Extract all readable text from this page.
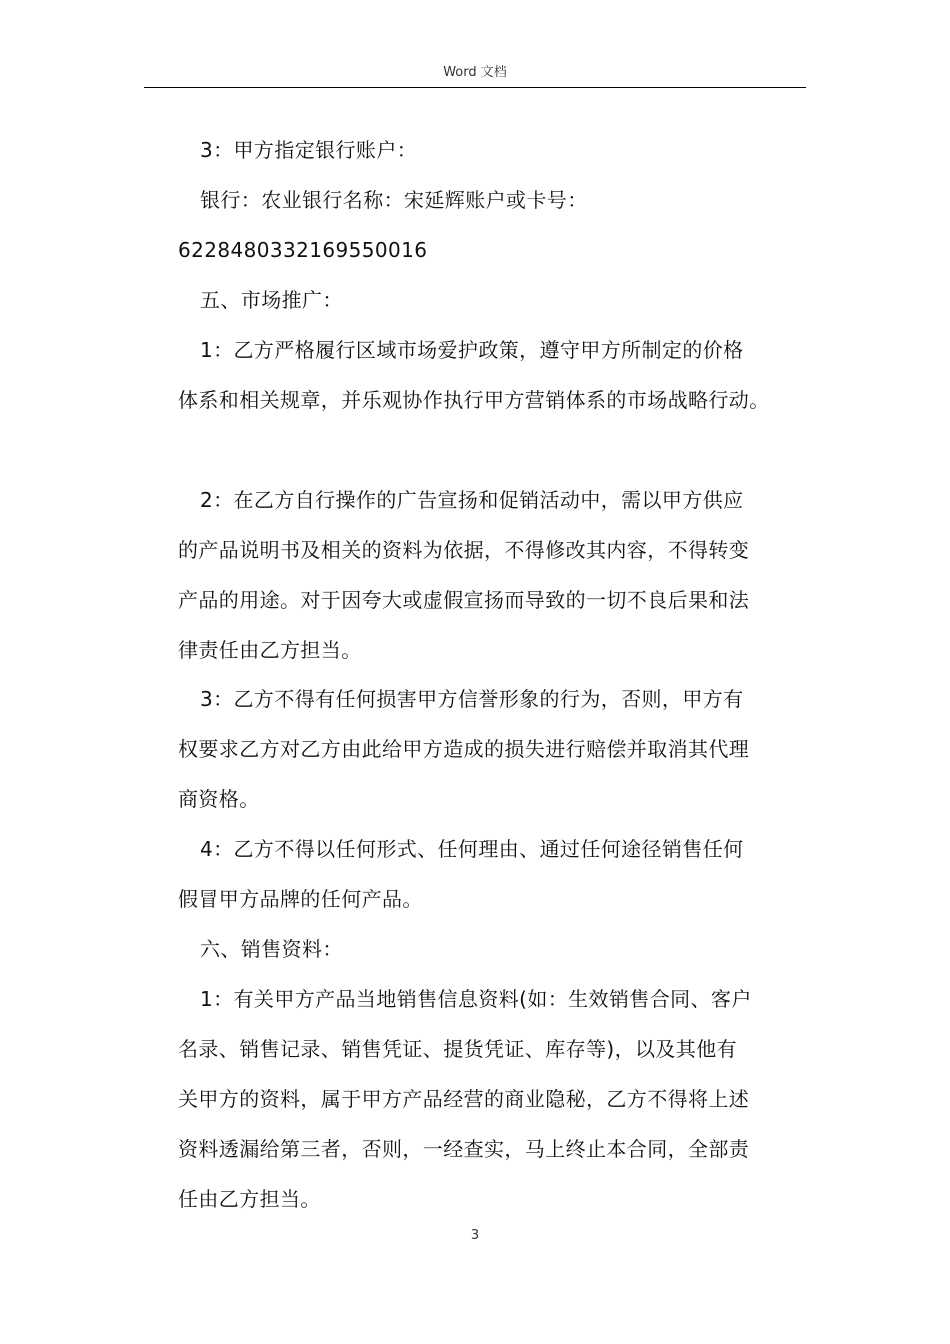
Word 文档
3：甲方指定银行账户：
银行：农业银行名称：宋延辉账户或卡号：
6228480332169550016
五、市场推广：
1：乙方严格履行区域市场爱护政策，遵守甲方所制定的价格
体系和相关规章，并乐观协作执行甲方营销体系的市场战略行动。
2：在乙方自行操作的广告宣扬和促销活动中，需以甲方供应
的产品说明书及相关的资料为依据，不得修改其内容，不得转变
产品的用途。对于因夸大或虚假宣扬而导致的一切不良后果和法
律责任由乙方担当。
3：乙方不得有任何损害甲方信誉形象的行为，否则，甲方有
权要求乙方对乙方由此给甲方造成的损失进行赔偿并取消其代理
商资格。
4：乙方不得以任何形式、任何理由、通过任何途径销售任何
假冒甲方品牌的任何产品。
六、销售资料：
1：有关甲方产品当地销售信息资料(如：生效销售合同、客户
名录、销售记录、销售凭证、提货凭证、库存等)，以及其他有
关甲方的资料，属于甲方产品经营的商业隐秘，乙方不得将上述
资料透漏给第三者，否则，一经查实，马上终止本合同，全部责
任由乙方担当。
3
